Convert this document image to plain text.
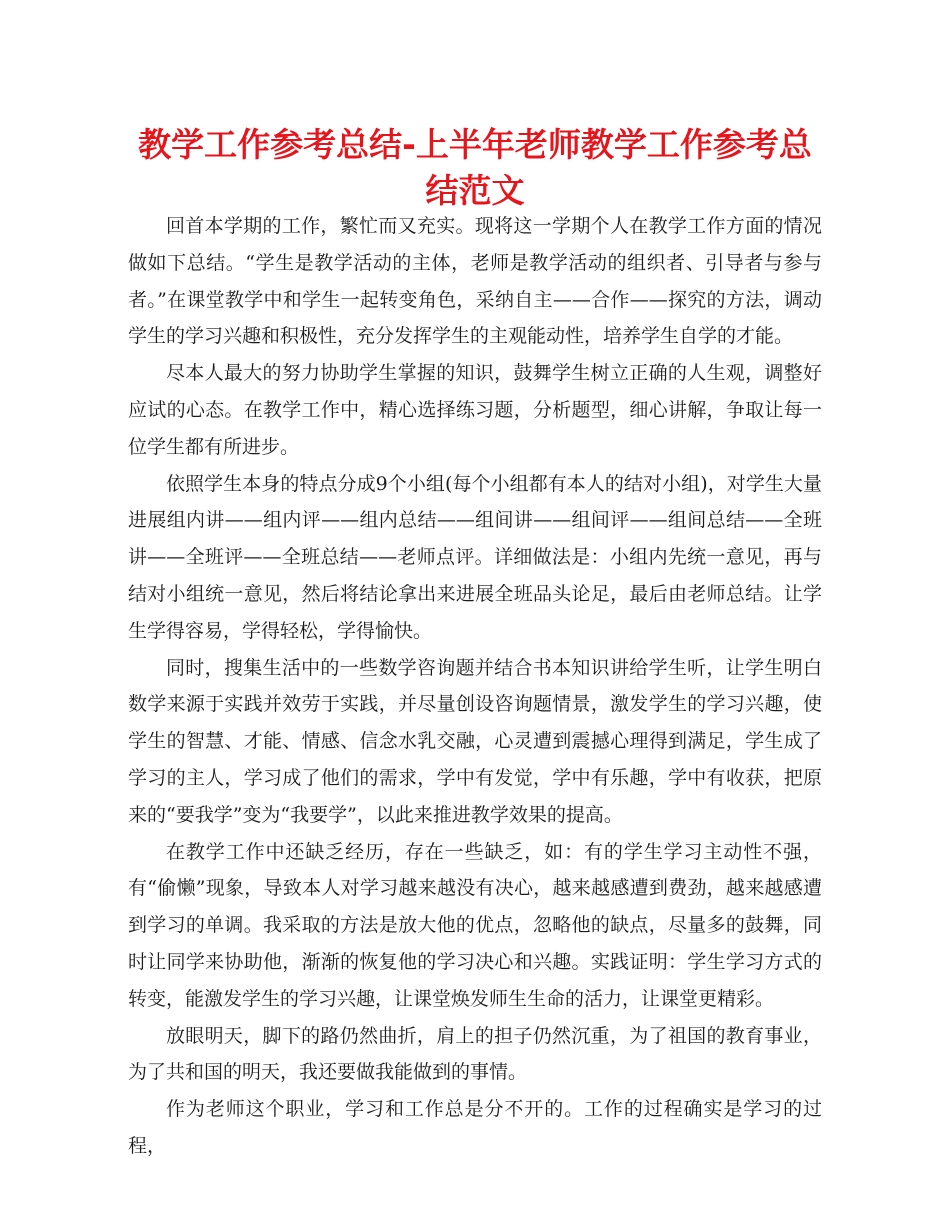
教学工作参考总结-上半年老师教学工作参考总结范文

回首本学期的工作，繁忙而又充实。现将这一学期个人在教学工作方面的情况做如下总结。“学生是教学活动的主体，老师是教学活动的组织者、引导者与参与者。”在课堂教学中和学生一起转变角色，采纳自主——合作——探究的方法，调动学生的学习兴趣和积极性，充分发挥学生的主观能动性，培养学生自学的才能。

尽本人最大的努力协助学生掌握的知识，鼓舞学生树立正确的人生观，调整好应试的心态。在教学工作中，精心选择练习题，分析题型，细心讲解，争取让每一位学生都有所进步。

依照学生本身的特点分成9个小组(每个小组都有本人的结对小组)，对学生大量进展组内讲——组内评——组内总结——组间讲——组间评——组间总结——全班讲——全班评——全班总结——老师点评。详细做法是：小组内先统一意见，再与结对小组统一意见，然后将结论拿出来进展全班品头论足，最后由老师总结。让学生学得容易，学得轻松，学得愉快。

同时，搜集生活中的一些数学咨询题并结合书本知识讲给学生听，让学生明白数学来源于实践并效劳于实践，并尽量创设咨询题情景，激发学生的学习兴趣，使学生的智慧、才能、情感、信念水乳交融，心灵遭到震撼心理得到满足，学生成了学习的主人，学习成了他们的需求，学中有发觉，学中有乐趣，学中有收获，把原来的“要我学”变为“我要学”，以此来推进教学效果的提高。

在教学工作中还缺乏经历，存在一些缺乏，如：有的学生学习主动性不强，有“偷懒”现象，导致本人对学习越来越没有决心，越来越感遭到费劲，越来越感遭到学习的单调。我采取的方法是放大他的优点，忽略他的缺点，尽量多的鼓舞，同时让同学来协助他，渐渐的恢复他的学习决心和兴趣。实践证明：学生学习方式的转变，能激发学生的学习兴趣，让课堂焕发师生生命的活力，让课堂更精彩。

放眼明天，脚下的路仍然曲折，肩上的担子仍然沉重，为了祖国的教育事业，为了共和国的明天，我还要做我能做到的事情。

作为老师这个职业，学习和工作总是分不开的。工作的过程确实是学习的过程，
